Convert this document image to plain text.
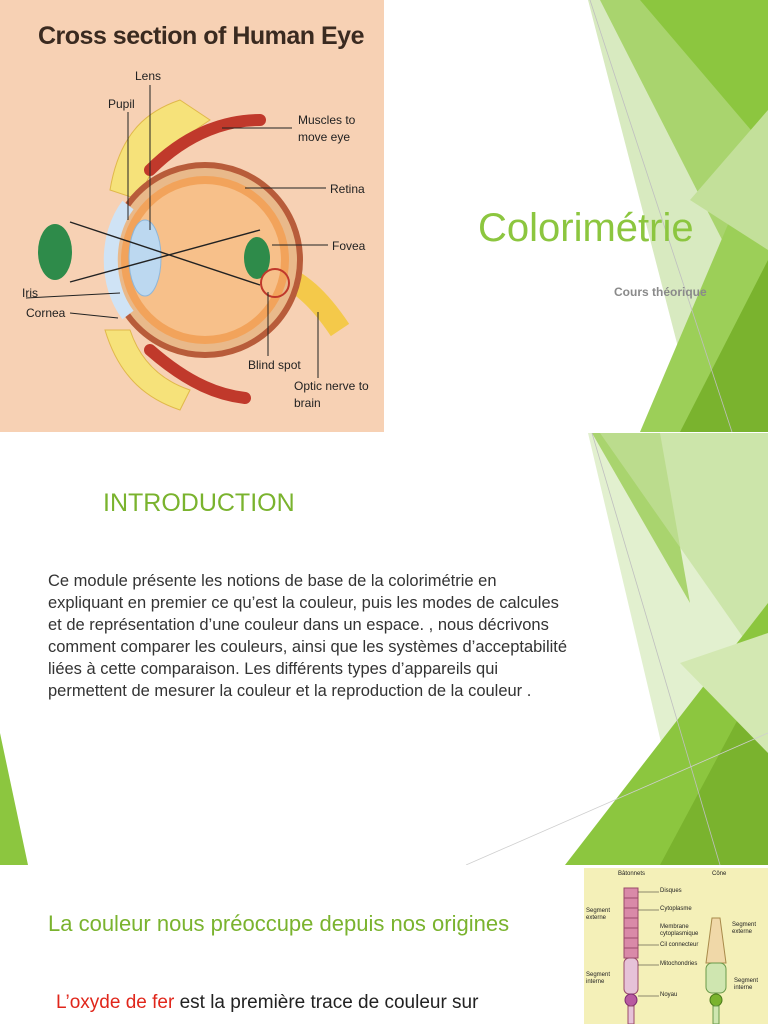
Cross section of Human Eye
Lens
Pupil
Muscles to move eye
Retina
Fovea
Iris
Cornea
Blind spot
Optic nerve to brain
Colorimétrie
Cours théorique
INTRODUCTION
Ce module présente les notions de base de la colorimétrie en expliquant en premier ce qu’est la couleur, puis les modes de calcules et de représentation d’une couleur dans un espace. , nous décrivons comment comparer les couleurs, ainsi que les systèmes d’acceptabilité liées à cette comparaison. Les différents types d’appareils qui permettent de mesurer la couleur et la reproduction de la couleur .
La couleur nous préoccupe depuis nos origines
L’oxyde de fer est la première trace de couleur sur
Bâtonnets	Cône
Disques
Segment externe
Cytoplasme
Segment externe
Membrane cytoplasmique
Cil connecteur
Mitochondries
Segment interne	Segment interne
Noyau
